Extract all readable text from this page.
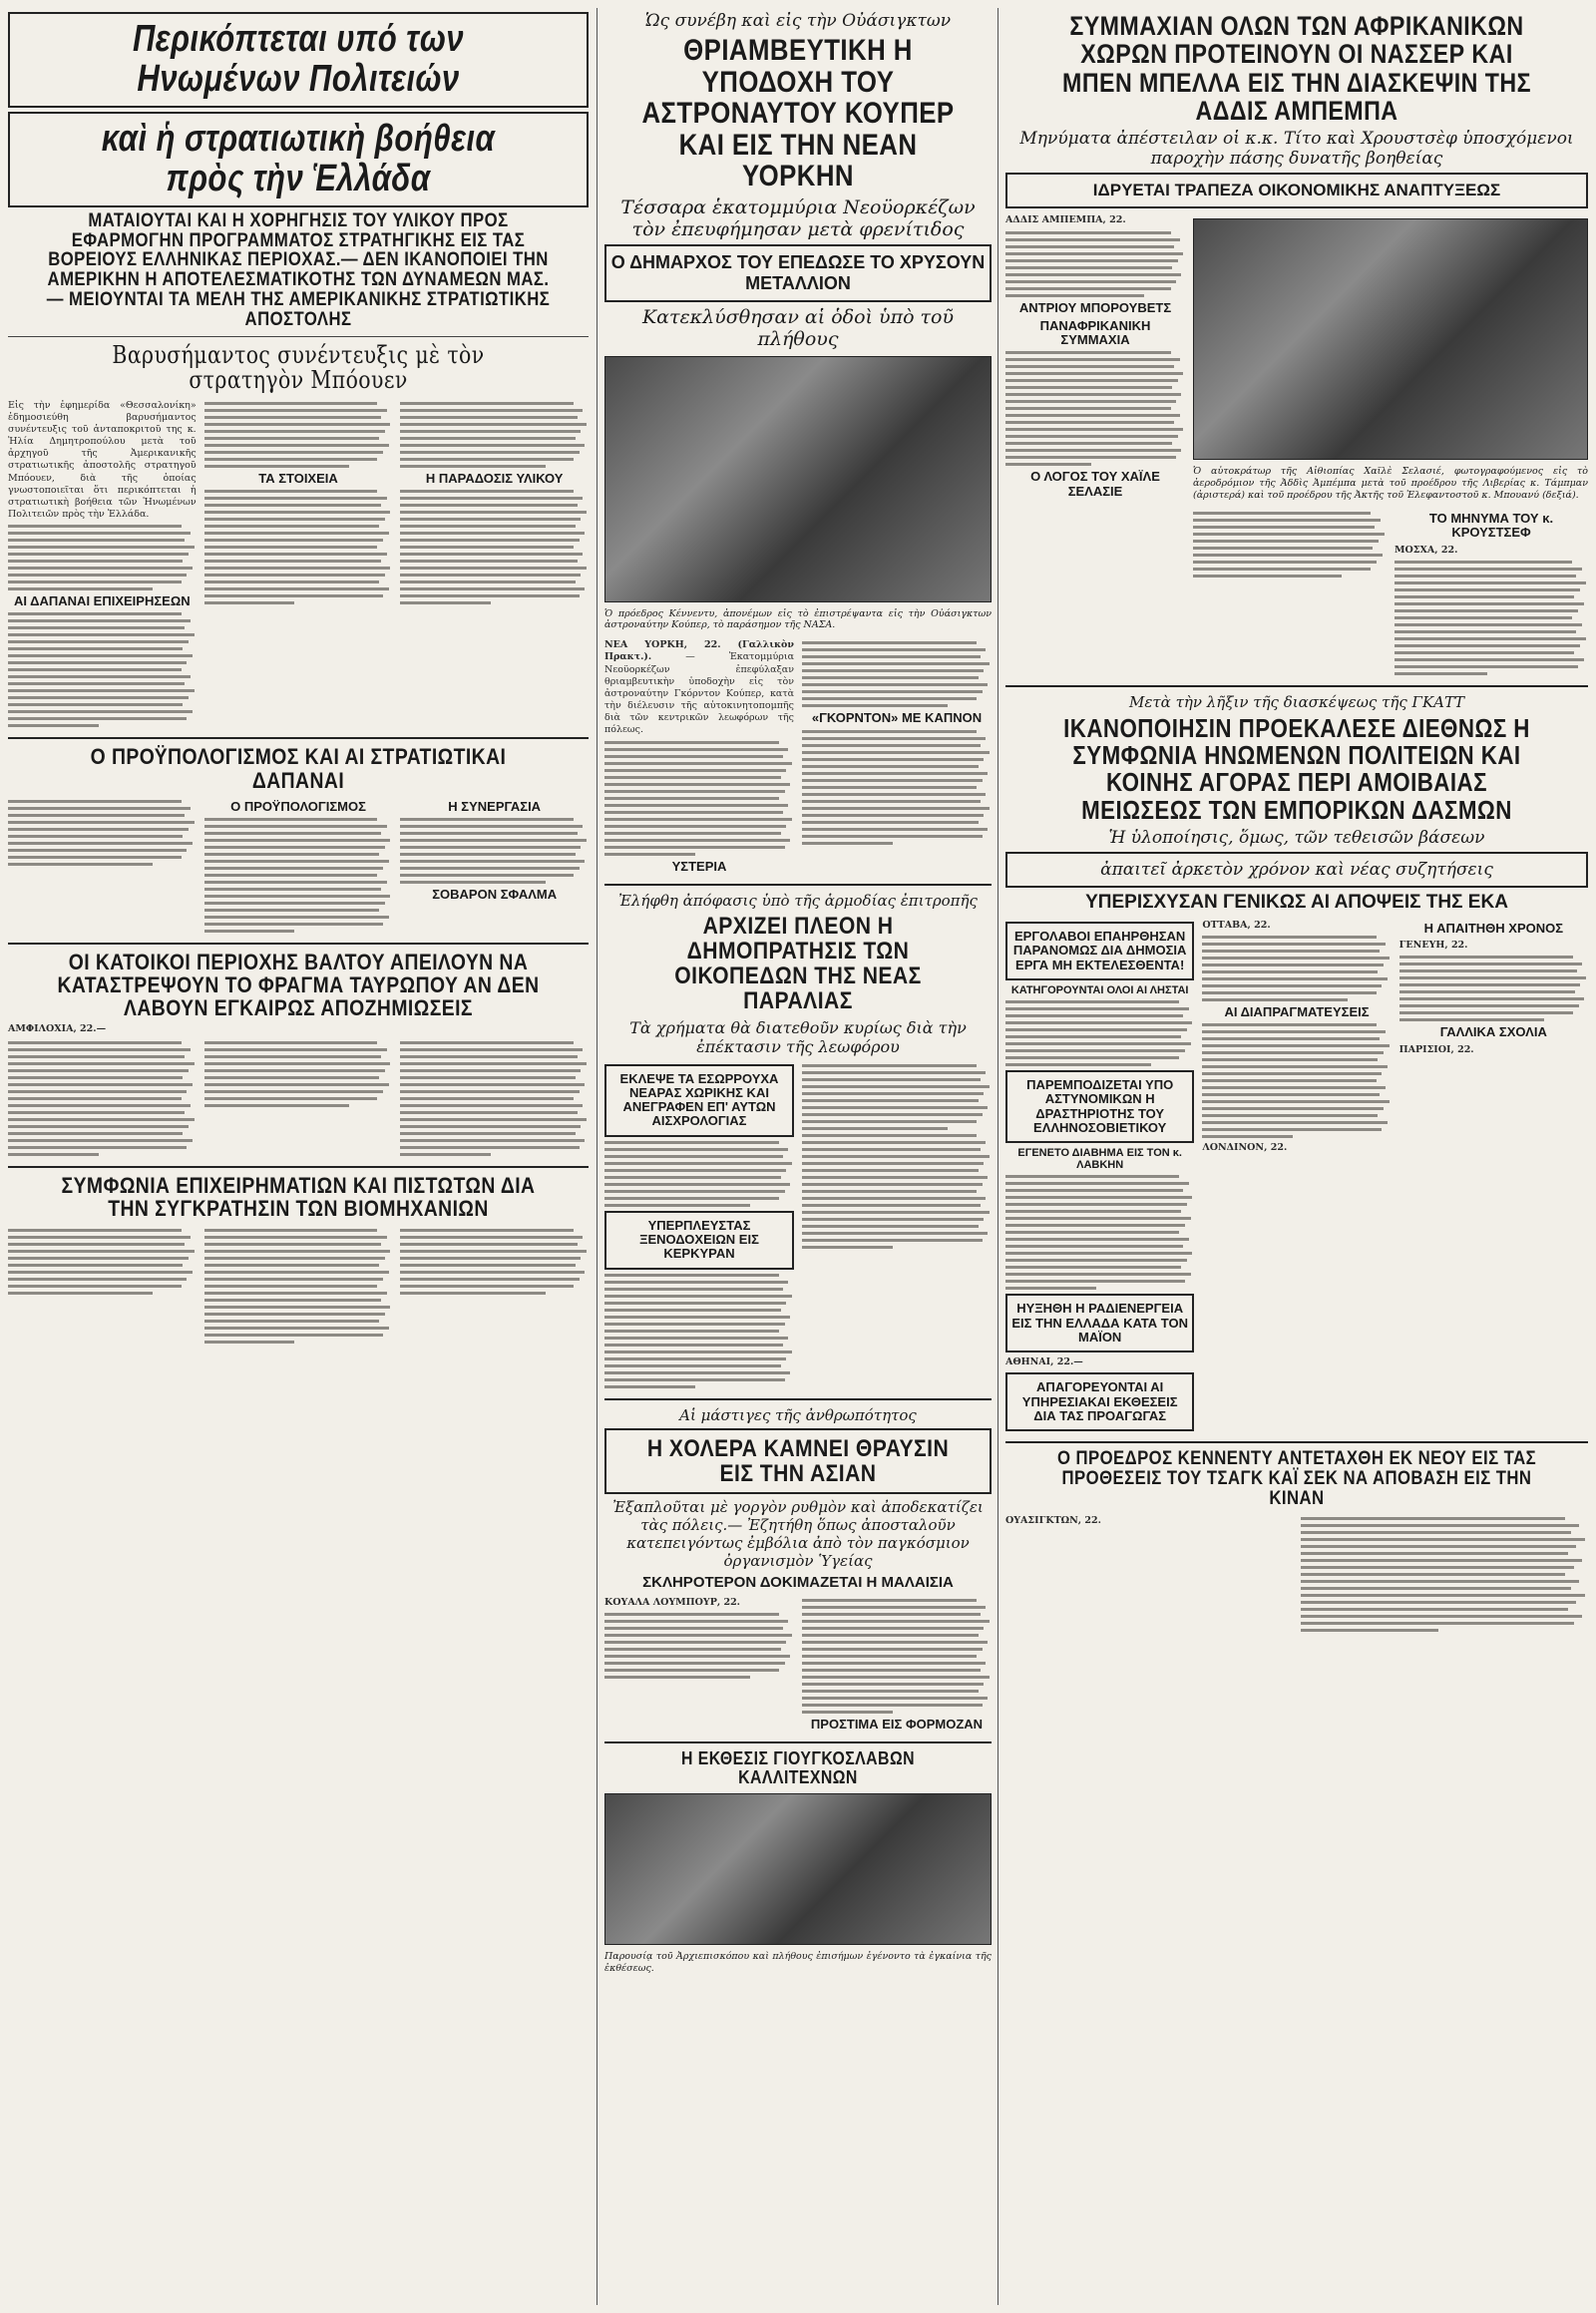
Περικόπτεται υπό των Ηνωμένων Πολιτειών
καὶ ἡ στρατιωτικὴ βοήθεια πρὸς τὴν Ἑλλάδα
ΜΑΤΑΙΟΥΤΑΙ ΚΑΙ Η ΧΟΡΗΓΗΣΙΣ ΤΟΥ ΥΛΙΚΟΥ ΠΡΟΣ ΕΦΑΡΜΟΓΗΝ ΠΡΟΓΡΑΜΜΑΤΟΣ ΣΤΡΑΤΗΓΙΚΗΣ ΕΙΣ ΤΑΣ ΒΟΡΕΙΟΥΣ ΕΛΛΗΝΙΚΑΣ ΠΕΡΙΟΧΑΣ.— ΔΕΝ ΙΚΑΝΟΠΟΙΕΙ ΤΗΝ ΑΜΕΡΙΚΗΝ Η ΑΠΟΤΕΛΕΣΜΑΤΙΚΟΤΗΣ ΤΩΝ ΔΥΝΑΜΕΩΝ ΜΑΣ.— ΜΕΙΟΥΝΤΑΙ ΤΑ ΜΕΛΗ ΤΗΣ ΑΜΕΡΙΚΑΝΙΚΗΣ ΣΤΡΑΤΙΩΤΙΚΗΣ ΑΠΟΣΤΟΛΗΣ
Βαρυσήμαντος συνέντευξις μὲ τὸν στρατηγὸν Μπόουεν

Εἰς τὴν ἐφημερίδα «Θεσσαλονίκη» ἐδημοσιεύθη βαρυσήμαντος συνέντευξις τοῦ ἀνταποκριτοῦ της κ. Ἠλία Δημητροπούλου μετὰ τοῦ ἀρχηγοῦ τῆς Ἀμερικανικῆς στρατιωτικῆς ἀποστολῆς στρατηγοῦ Μπόουεν, διὰ τῆς ὁποίας γνωστοποιεῖται ὅτι περικόπτεται ἡ στρατιωτικὴ βοήθεια τῶν Ἡνωμένων Πολιτειῶν πρὸς τὴν Ἑλλάδα.

ΑΙ ΔΑΠΑΝΑΙ ΕΠΙΧΕΙΡΗΣΕΩΝ

ΤΑ ΣΤΟΙΧΕΙΑ	Η ΠΑΡΑΔΟΣΙΣ ΥΛΙΚΟΥ

Ο ΠΡΟΫΠΟΛΟΓΙΣΜΟΣ ΚΑΙ ΑΙ ΣΤΡΑΤΙΩΤΙΚΑΙ ΔΑΠΑΝΑΙ

Ο ΠΡΟΫΠΟΛΟΓΙΣΜΟΣ	Η ΣΥΝΕΡΓΑΣΙΑ

ΣΟΒΑΡΟΝ ΣΦΑΛΜΑ
ΟΙ ΚΑΤΟΙΚΟΙ ΠΕΡΙΟΧΗΣ ΒΑΛΤΟΥ ΑΠΕΙΛΟΥΝ ΝΑ ΚΑΤΑΣΤΡΕΨΟΥΝ ΤΟ ΦΡΑΓΜΑ ΤΑΥΡΩΠΟΥ ΑΝ ΔΕΝ ΛΑΒΟΥΝ ΕΓΚΑΙΡΩΣ ΑΠΟΖΗΜΙΩΣΕΙΣ

ΑΜΦΙΛΟΧΙΑ, 22.—

ΣΥΜΦΩΝΙΑ ΕΠΙΧΕΙΡΗΜΑΤΙΩΝ ΚΑΙ ΠΙΣΤΩΤΩΝ ΔΙΑ ΤΗΝ ΣΥΓΚΡΑΤΗΣΙΝ ΤΩΝ ΒΙΟΜΗΧΑΝΙΩΝ

Ὡς συνέβη καὶ εἰς τὴν Οὐάσιγκτων
ΘΡΙΑΜΒΕΥΤΙΚΗ Η ΥΠΟΔΟΧΗ ΤΟΥ ΑΣΤΡΟΝΑΥΤΟΥ ΚΟΥΠΕΡ ΚΑΙ ΕΙΣ ΤΗΝ ΝΕΑΝ ΥΟΡΚΗΝ
Τέσσαρα ἑκατομμύρια Νεοϋορκέζων τὸν ἐπευφήμησαν μετὰ φρενίτιδος
Ο ΔΗΜΑΡΧΟΣ ΤΟΥ ΕΠΕΔΩΣΕ ΤΟ ΧΡΥΣΟΥΝ ΜΕΤΑΛΛΙΟΝ
Κατεκλύσθησαν αἱ ὁδοὶ ὑπὸ τοῦ πλήθους
Ὁ πρόεδρος Κέννεντυ, ἀπονέμων εἰς τὸ ἐπιστρέψαντα εἰς τὴν Οὐάσιγκτων ἀστροναύτην Κούπερ, τὸ παράσημον τῆς ΝΑΣΑ.

ΝΕΑ ΥΟΡΚΗ, 22. (Γαλλικὸν Πρακτ.).	— Ἑκατομμύρια Νεοϋορκέζων ἐπεφύλαξαν θριαμβευτικὴν ὑποδοχὴν εἰς τὸν ἀστροναύτην Γκόρντον Κούπερ, κατὰ τὴν διέλευσιν τῆς αὐτοκινητοπομπῆς διὰ τῶν κεντρικῶν λεωφόρων τῆς πόλεως.

ΥΣΤΕΡΙΑ

«ΓΚΟΡΝΤΟΝ» ΜΕ ΚΑΠΝΟΝ

Ἐλήφθη ἀπόφασις ὑπὸ τῆς ἁρμοδίας ἐπιτροπῆς
ΑΡΧΙΖΕΙ ΠΛΕΟΝ Η ΔΗΜΟΠΡΑΤΗΣΙΣ ΤΩΝ ΟΙΚΟΠΕΔΩΝ ΤΗΣ ΝΕΑΣ ΠΑΡΑΛΙΑΣ
Τὰ χρήματα θὰ διατεθοῦν κυρίως διὰ τὴν ἐπέκτασιν τῆς λεωφόρου
ΕΚΛΕΨΕ ΤΑ ΕΣΩΡΡΟΥΧΑ ΝΕΑΡΑΣ ΧΩΡΙΚΗΣ ΚΑΙ ΑΝΕΓΡΑΦΕΝ ΕΠ' ΑΥΤΩΝ ΑΙΣΧΡΟΛΟΓΙΑΣ

ΥΠΕΡΠΛΕΥΣΤΑΣ ΞΕΝΟΔΟΧΕΙΩΝ ΕΙΣ ΚΕΡΚΥΡΑΝ

Αἱ μάστιγες τῆς ἀνθρωπότητος
Η ΧΟΛΕΡΑ ΚΑΜΝΕΙ ΘΡΑΥΣΙΝ ΕΙΣ ΤΗΝ ΑΣΙΑΝ
Ἐξαπλοῦται μὲ γοργὸν ρυθμὸν καὶ ἀποδεκατίζει τὰς πόλεις.— Ἐζητήθη ὅπως ἀποσταλοῦν κατεπειγόντως ἐμβόλια ἀπὸ τὸν παγκόσμιον ὀργανισμὸν Ὑγείας
ΣΚΛΗΡΟΤΕΡΟΝ ΔΟΚΙΜΑΖΕΤΑΙ Η ΜΑΛΑΙΣΙΑ

ΚΟΥΑΛΑ ΛΟΥΜΠΟΥΡ, 22.

ΠΡΟΣΤΙΜΑ ΕΙΣ ΦΟΡΜΟΖΑΝ
Η ΕΚΘΕΣΙΣ ΓΙΟΥΓΚΟΣΛΑΒΩΝ ΚΑΛΛΙΤΕΧΝΩΝ
Παρουσίᾳ τοῦ Ἀρχιεπισκόπου καὶ πλήθους ἐπισήμων ἐγένοντο τὰ ἐγκαίνια τῆς ἐκθέσεως.
ΣΥΜΜΑΧΙΑΝ ΟΛΩΝ ΤΩΝ ΑΦΡΙΚΑΝΙΚΩΝ ΧΩΡΩΝ ΠΡΟΤΕΙΝΟΥΝ ΟΙ ΝΑΣΣΕΡ ΚΑΙ ΜΠΕΝ ΜΠΕΛΛΑ ΕΙΣ ΤΗΝ ΔΙΑΣΚΕΨΙΝ ΤΗΣ ΑΔΔΙΣ ΑΜΠΕΜΠΑ
Μηνύματα ἀπέστειλαν οἱ κ.κ. Τίτο καὶ Χρουστσὲφ ὑποσχόμενοι παροχὴν πάσης δυνατῆς βοηθείας
ΙΔΡΥΕΤΑΙ ΤΡΑΠΕΖΑ ΟΙΚΟΝΟΜΙΚΗΣ ΑΝΑΠΤΥΞΕΩΣ

ΑΔΔΙΣ ΑΜΠΕΜΠΑ, 22.

ΑΝΤΡΙΟΥ ΜΠΟΡΟΥΒΕΤΣ
ΠΑΝΑΦΡΙΚΑΝΙΚΗ ΣΥΜΜΑΧΙΑ

Ο ΛΟΓΟΣ ΤΟΥ ΧΑΪΛΕ ΣΕΛΑΣΙΕ
Ὁ αὐτοκράτωρ τῆς Αἰθιοπίας Χαϊλὲ Σελασιέ, φωτογραφούμενος εἰς τὸ ἀεροδρόμιον τῆς Ἀδδὶς Ἀμπέμπα μετὰ τοῦ προέδρου τῆς Λιβερίας κ. Τάμπμαν (ἀριστερά) καὶ τοῦ προέδρου τῆς Ἀκτῆς τοῦ Ἐλεφαντοστοῦ κ. Μπουανύ (δεξιά).

ΤΟ ΜΗΝΥΜΑ ΤΟΥ κ. ΚΡΟΥΣΤΣΕΦ

ΜΟΣΧΑ, 22.

Μετὰ τὴν λῆξιν τῆς διασκέψεως τῆς ΓΚΑΤΤ
ΙΚΑΝΟΠΟΙΗΣΙΝ ΠΡΟΕΚΑΛΕΣΕ ΔΙΕΘΝΩΣ Η ΣΥΜΦΩΝΙΑ ΗΝΩΜΕΝΩΝ ΠΟΛΙΤΕΙΩΝ ΚΑΙ ΚΟΙΝΗΣ ΑΓΟΡΑΣ ΠΕΡΙ ΑΜΟΙΒΑΙΑΣ ΜΕΙΩΣΕΩΣ ΤΩΝ ΕΜΠΟΡΙΚΩΝ ΔΑΣΜΩΝ
Ἡ ὑλοποίησις, ὅμως, τῶν τεθεισῶν βάσεων
ἀπαιτεῖ ἀρκετὸν χρόνον καὶ νέας συζητήσεις
ΥΠΕΡΙΣΧΥΣΑΝ ΓΕΝΙΚΩΣ ΑΙ ΑΠΟΨΕΙΣ ΤΗΣ ΕΚΑ
ΕΡΓΟΛΑΒΟΙ ΕΠΑΗΡΘΗΣΑΝ ΠΑΡΑΝΟΜΩΣ ΔΙΑ ΔΗΜΟΣΙΑ ΕΡΓΑ ΜΗ ΕΚΤΕΛΕΣΘΕΝΤΑ!
ΚΑΤΗΓΟΡΟΥΝΤΑΙ ΟΛΟΙ ΑΙ ΛΗΣΤΑΙ

ΠΑΡΕΜΠΟΔΙΖΕΤΑΙ ΥΠΟ ΑΣΤΥΝΟΜΙΚΩΝ Η ΔΡΑΣΤΗΡΙΟΤΗΣ ΤΟΥ ΕΛΛΗΝΟΣΟΒΙΕΤΙΚΟΥ
ΕΓΕΝΕΤΟ ΔΙΑΒΗΜΑ ΕΙΣ ΤΟΝ κ. ΛΑΒΚΗΝ

ΗΥΞΗΘΗ Η ΡΑΔΙΕΝΕΡΓΕΙΑ ΕΙΣ ΤΗΝ ΕΛΛΑΔΑ ΚΑΤΑ ΤΟΝ ΜΑΪΟΝ

ΑΘΗΝΑΙ, 22.—

ΑΠΑΓΟΡΕΥΟΝΤΑΙ ΑΙ ΥΠΗΡΕΣΙΑΚΑΙ ΕΚΘΕΣΕΙΣ ΔΙΑ ΤΑΣ ΠΡΟΑΓΩΓΑΣ

ΟΤΤΑΒΑ, 22.

ΑΙ ΔΙΑΠΡΑΓΜΑΤΕΥΣΕΙΣ

ΛΟΝΔΙΝΟΝ, 22.

Η ΑΠΑΙΤΗΘΗ ΧΡΟΝΟΣ

ΓΕΝΕΥΗ, 22.

ΓΑΛΛΙΚΑ ΣΧΟΛΙΑ

ΠΑΡΙΣΙΟΙ, 22.

Ο ΠΡΟΕΔΡΟΣ ΚΕΝΝΕΝΤΥ ΑΝΤΕΤΑΧΘΗ ΕΚ ΝΕΟΥ ΕΙΣ ΤΑΣ ΠΡΟΘΕΣΕΙΣ ΤΟΥ ΤΣΑΓΚ ΚΑΪ ΣΕΚ ΝΑ ΑΠΟΒΑΣΗ ΕΙΣ ΤΗΝ ΚΙΝΑΝ

ΟΥΑΣΙΓΚΤΩΝ, 22.
